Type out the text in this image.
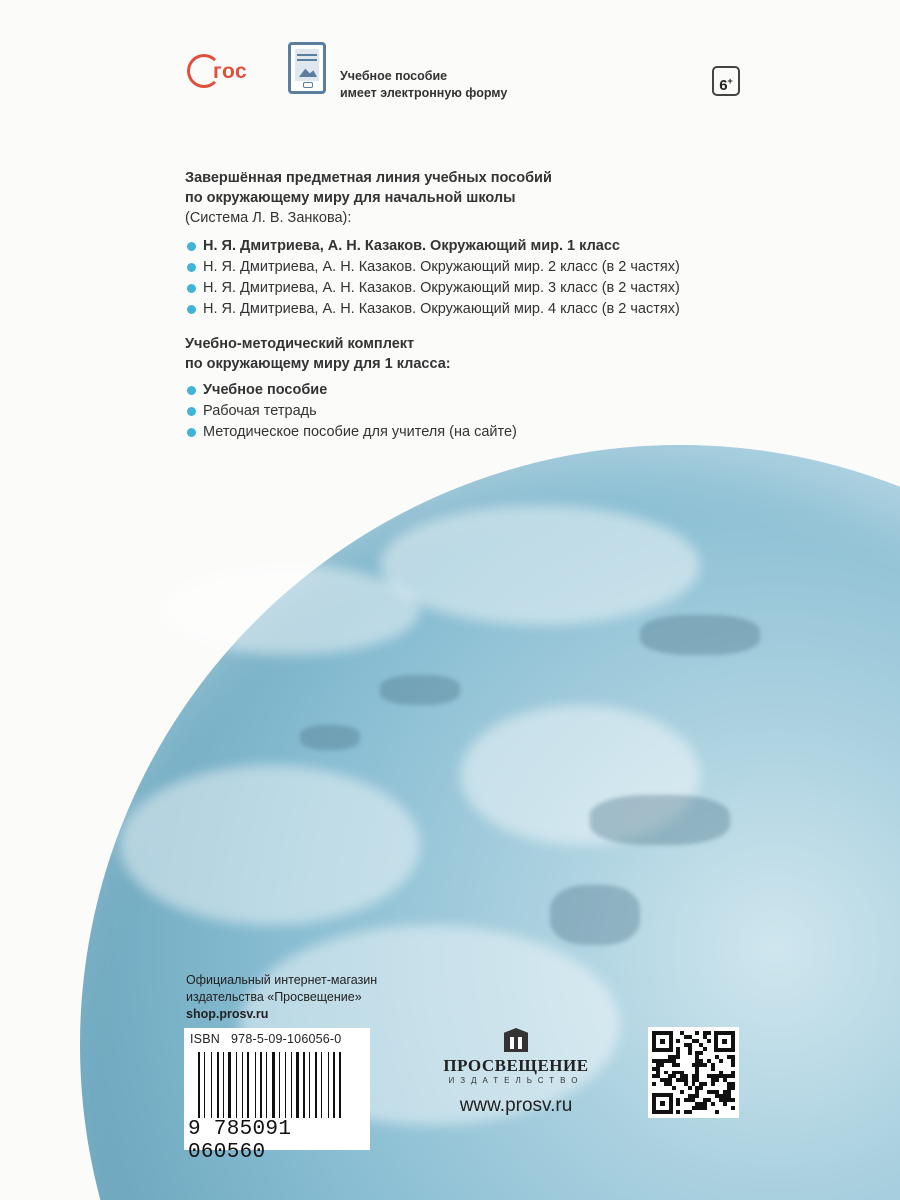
гос	Учебное пособие
имеет электронную форму	6+
Завершённая предметная линия учебных пособий
по окружающему миру для начальной школы
(Система Л. В. Занкова):
Н. Я. Дмитриева, А. Н. Казаков. Окружающий мир. 1 класс
Н. Я. Дмитриева, А. Н. Казаков. Окружающий мир. 2 класс (в 2 частях)
Н. Я. Дмитриева, А. Н. Казаков. Окружающий мир. 3 класс (в 2 частях)
Н. Я. Дмитриева, А. Н. Казаков. Окружающий мир. 4 класс (в 2 частях)
Учебно-методический комплект
по окружающему миру для 1 класса:
Учебное пособие
Рабочая тетрадь
Методическое пособие для учителя (на сайте)
Официальный интернет-магазин
издательства «Просвещение»
shop.prosv.ru
ISBN 978-5-09-106056-0
9 785091 060560
ПРОСВЕЩЕНИЕ
ИЗДАТЕЛЬСТВО
www.prosv.ru
